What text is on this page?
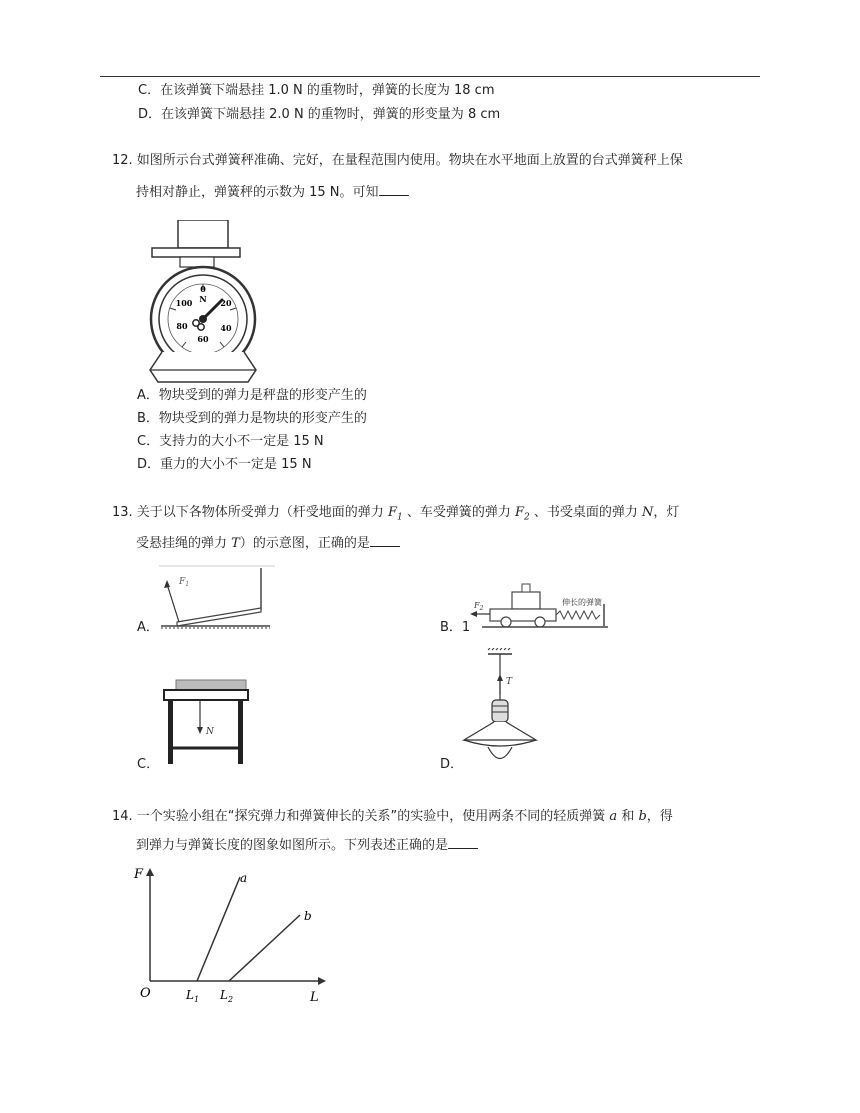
C．在该弹簧下端悬挂 1.0 N 的重物时，弹簧的长度为 18 cm
D．在该弹簧下端悬挂 2.0 N 的重物时，弹簧的形变量为 8 cm
12. 如图所示台式弹簧秤准确、完好，在量程范围内使用。物块在水平地面上放置的台式弹簧秤上保
持相对静止，弹簧秤的示数为 15 N。可知
0
N 20
40
60
80
100
A．物块受到的弹力是秤盘的形变产生的
B．物块受到的弹力是物块的形变产生的
C．支持力的大小不一定是 15 N
D．重力的大小不一定是 15 N
13. 关于以下各物体所受弹力（杆受地面的弹力 $F_1$ 、车受弹簧的弹力 $F_2$ 、书受桌面的弹力 N，灯
受悬挂绳的弹力 T）的示意图，正确的是
$F_1$
A．
$F_2$
伸长的弹簧
B．1
N
C．
T
D．
14. 一个实验小组在“探究弹力和弹簧伸长的关系”的实验中，使用两条不同的轻质弹簧 a 和 b，得
到弹力与弹簧长度的图象如图所示。下列表述正确的是
F
L
O
a
b
$L_1$ $L_2$
